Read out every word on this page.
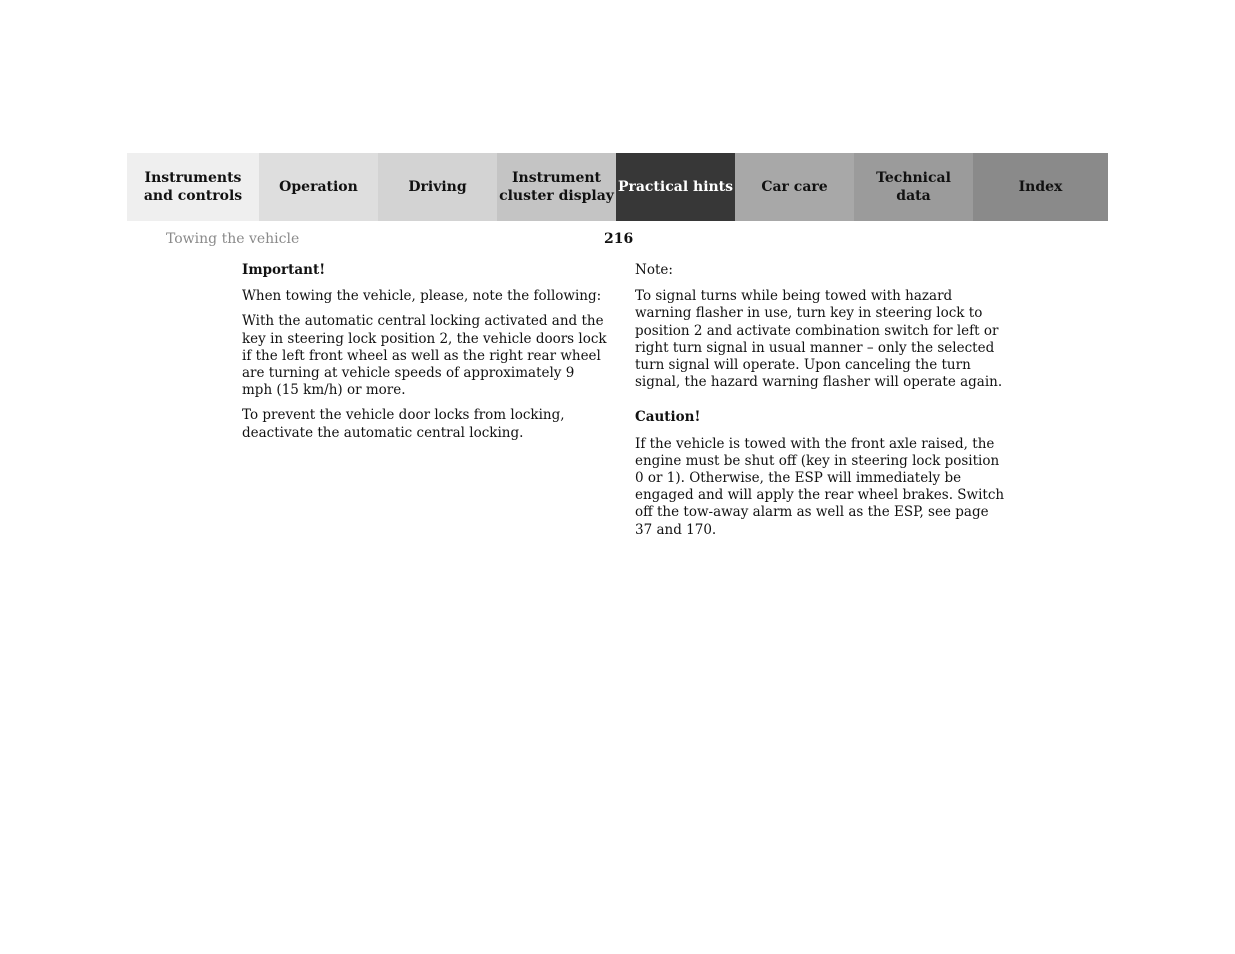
Instruments
and controls
Operation	Driving
Instrument
cluster display
Practical hints Car care
Technical
data
Index
Towing the vehicle	216

Important!

When towing the vehicle, please, note the following:

With the automatic central locking activated and the key in steering lock position 2, the vehicle doors lock if the left front wheel as well as the right rear wheel are turning at vehicle speeds of approximately 9 mph (15 km/h) or more.

To prevent the vehicle door locks from locking, deactivate the automatic central locking.

Note:

To signal turns while being towed with hazard warning flasher in use, turn key in steering lock to position 2 and activate combination switch for left or right turn signal in usual manner – only the selected turn signal will operate. Upon canceling the turn signal, the hazard warning flasher will operate again.

Caution!

If the vehicle is towed with the front axle raised, the engine must be shut off (key in steering lock position 0 or 1). Otherwise, the ESP will immediately be engaged and will apply the rear wheel brakes. Switch off the tow-away alarm as well as the ESP, see page 37 and 170.
